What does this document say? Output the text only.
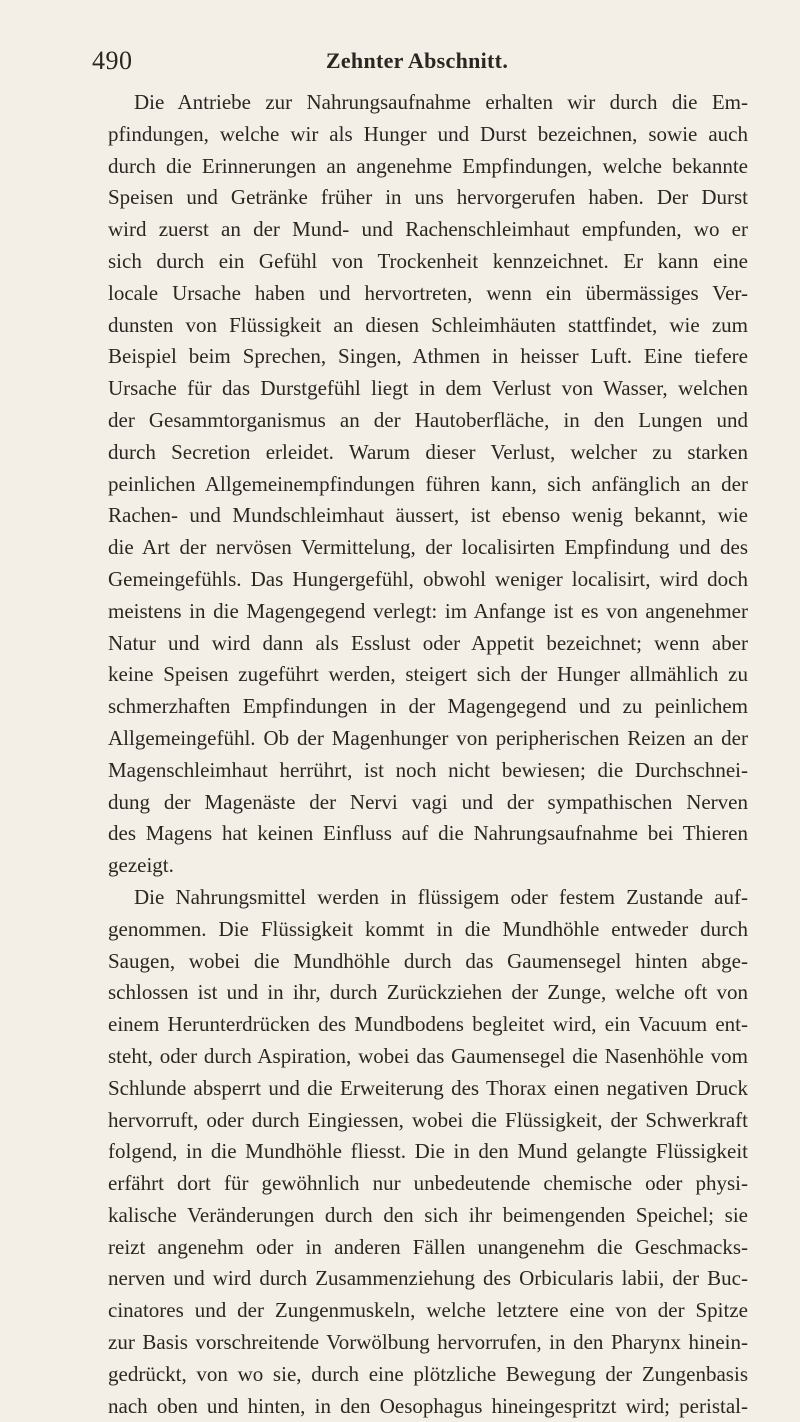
490	Zehnter Abschnitt.
Die Antriebe zur Nahrungsaufnahme erhalten wir durch die Em-
pfindungen, welche wir als Hunger und Durst bezeichnen, sowie auch
durch die Erinnerungen an angenehme Empfindungen, welche bekannte
Speisen und Getränke früher in uns hervorgerufen haben. Der Durst
wird zuerst an der Mund- und Rachenschleimhaut empfunden, wo er
sich durch ein Gefühl von Trockenheit kennzeichnet. Er kann eine
locale Ursache haben und hervortreten, wenn ein übermässiges Ver-
dunsten von Flüssigkeit an diesen Schleimhäuten stattfindet, wie zum
Beispiel beim Sprechen, Singen, Athmen in heisser Luft. Eine tiefere
Ursache für das Durstgefühl liegt in dem Verlust von Wasser, welchen
der Gesammtorganismus an der Hautoberfläche, in den Lungen und
durch Secretion erleidet. Warum dieser Verlust, welcher zu starken
peinlichen Allgemeinempfindungen führen kann, sich anfänglich an der
Rachen- und Mundschleimhaut äussert, ist ebenso wenig bekannt, wie
die Art der nervösen Vermittelung, der localisirten Empfindung und des
Gemeingefühls. Das Hungergefühl, obwohl weniger localisirt, wird doch
meistens in die Magengegend verlegt: im Anfange ist es von angenehmer
Natur und wird dann als Esslust oder Appetit bezeichnet; wenn aber
keine Speisen zugeführt werden, steigert sich der Hunger allmählich zu
schmerzhaften Empfindungen in der Magengegend und zu peinlichem
Allgemeingefühl. Ob der Magenhunger von peripherischen Reizen an der
Magenschleimhaut herrührt, ist noch nicht bewiesen; die Durchschnei-
dung der Magenäste der Nervi vagi und der sympathischen Nerven
des Magens hat keinen Einfluss auf die Nahrungsaufnahme bei Thieren
gezeigt.
Die Nahrungsmittel werden in flüssigem oder festem Zustande auf-
genommen. Die Flüssigkeit kommt in die Mundhöhle entweder durch
Saugen, wobei die Mundhöhle durch das Gaumensegel hinten abge-
schlossen ist und in ihr, durch Zurückziehen der Zunge, welche oft von
einem Herunterdrücken des Mundbodens begleitet wird, ein Vacuum ent-
steht, oder durch Aspiration, wobei das Gaumensegel die Nasenhöhle vom
Schlunde absperrt und die Erweiterung des Thorax einen negativen Druck
hervorruft, oder durch Eingiessen, wobei die Flüssigkeit, der Schwerkraft
folgend, in die Mundhöhle fliesst. Die in den Mund gelangte Flüssigkeit
erfährt dort für gewöhnlich nur unbedeutende chemische oder physi-
kalische Veränderungen durch den sich ihr beimengenden Speichel; sie
reizt angenehm oder in anderen Fällen unangenehm die Geschmacks-
nerven und wird durch Zusammenziehung des Orbicularis labii, der Buc-
cinatores und der Zungenmuskeln, welche letztere eine von der Spitze
zur Basis vorschreitende Vorwölbung hervorrufen, in den Pharynx hinein-
gedrückt, von wo sie, durch eine plötzliche Bewegung der Zungenbasis
nach oben und hinten, in den Oesophagus hineingespritzt wird; peristal-
